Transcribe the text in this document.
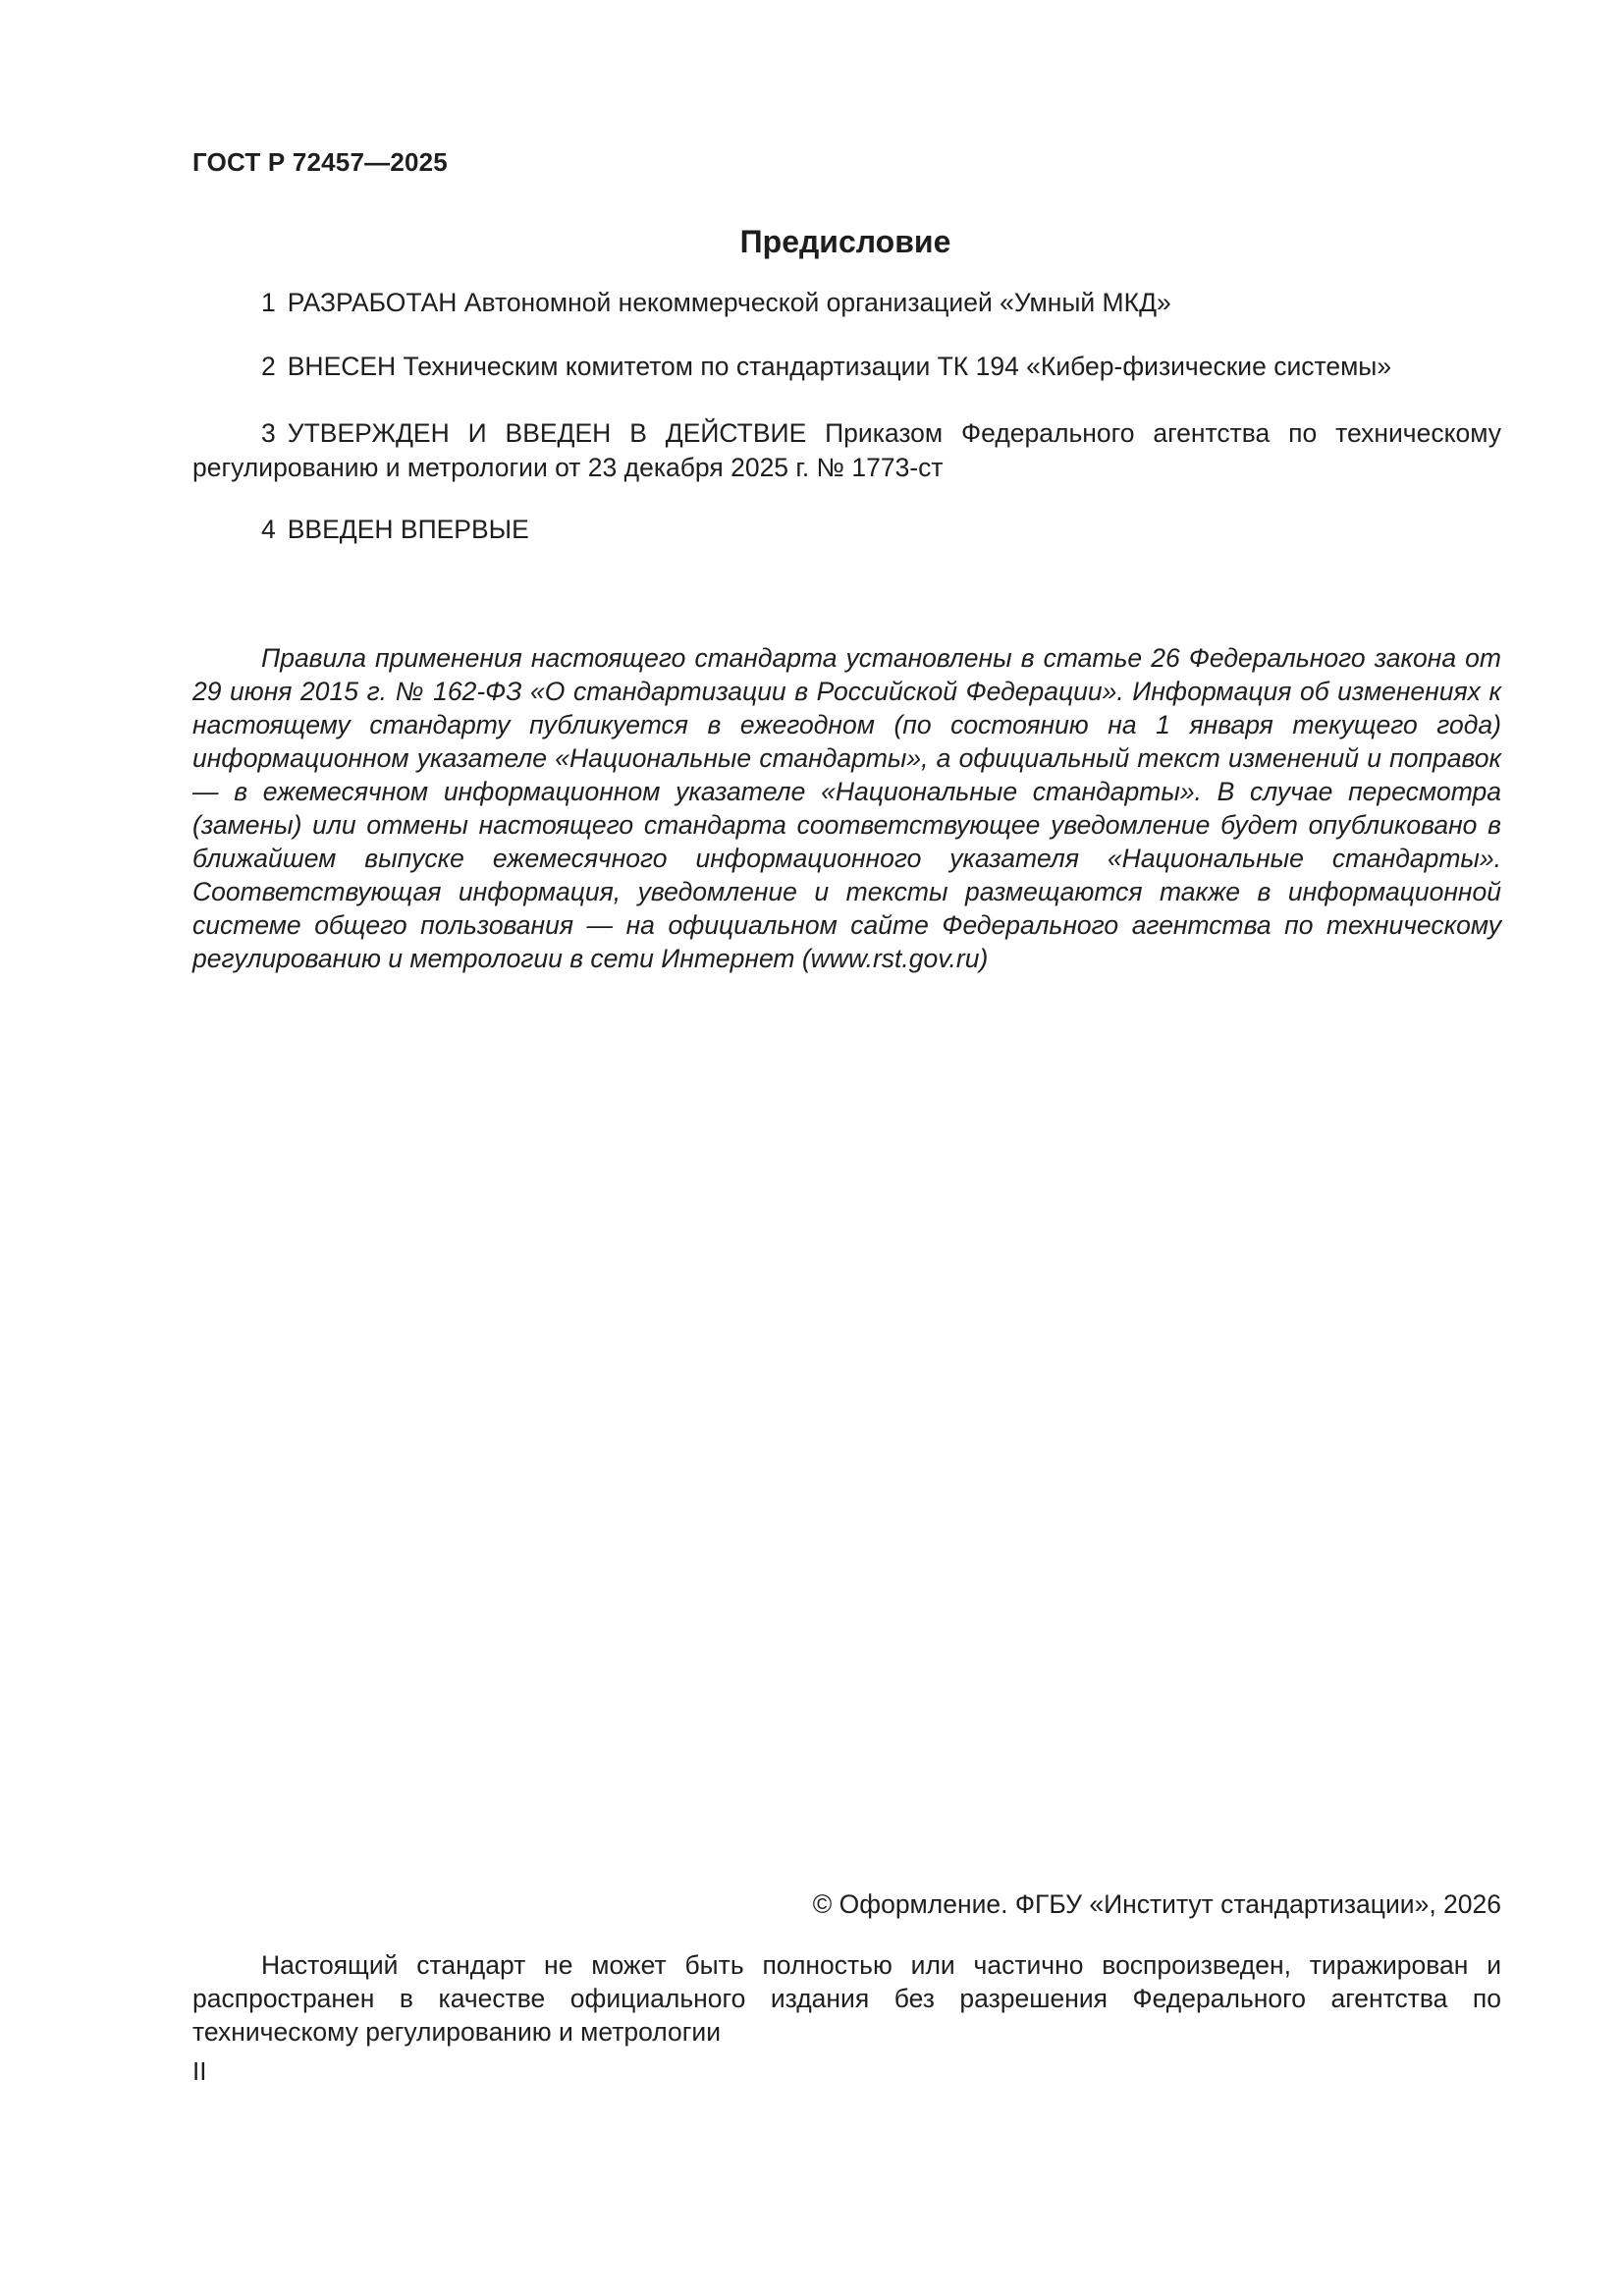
ГОСТ Р 72457—2025
Предисловие
1 РАЗРАБОТАН Автономной некоммерческой организацией «Умный МКД»
2 ВНЕСЕН Техническим комитетом по стандартизации ТК 194 «Кибер-физические системы»
3 УТВЕРЖДЕН И ВВЕДЕН В ДЕЙСТВИЕ Приказом Федерального агентства по техническому регулированию и метрологии от 23 декабря 2025 г. № 1773-ст
4 ВВЕДЕН ВПЕРВЫЕ
Правила применения настоящего стандарта установлены в статье 26 Федерального закона от 29 июня 2015 г. № 162-ФЗ «О стандартизации в Российской Федерации». Информация об изменениях к настоящему стандарту публикуется в ежегодном (по состоянию на 1 января текущего года) информационном указателе «Национальные стандарты», а официальный текст изменений и поправок — в ежемесячном информационном указателе «Национальные стандарты». В случае пересмотра (замены) или отмены настоящего стандарта соответствующее уведомление будет опубликовано в ближайшем выпуске ежемесячного информационного указателя «Национальные стандарты». Соответствующая информация, уведомление и тексты размещаются также в информационной системе общего пользования — на официальном сайте Федерального агентства по техническому регулированию и метрологии в сети Интернет (www.rst.gov.ru)
© Оформление. ФГБУ «Институт стандартизации», 2026
Настоящий стандарт не может быть полностью или частично воспроизведен, тиражирован и распространен в качестве официального издания без разрешения Федерального агентства по техническому регулированию и метрологии
II
